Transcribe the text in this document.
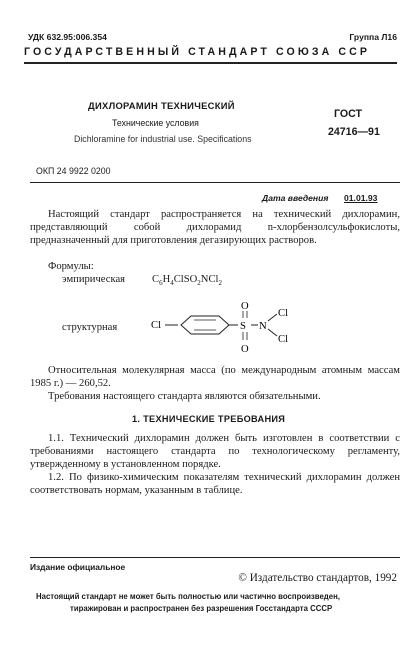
УДК 632.95:006.354	Группа Л16
ГОСУДАРСТВЕННЫЙ СТАНДАРТ СОЮЗА ССР
ДИХЛОРАМИН ТЕХНИЧЕСКИЙ
Технические условия
Dichloramine for industrial use. Specifications
ГОСТ
24716—91
ОКП 24 9922 0200
Дата введения 01.01.93
Настоящий стандарт распространяется на технический дихлорамин, представляющий собой дихлорамид n-хлорбензолсульфокислоты, предназначенный для приготовления дегазирующих растворов.
Формулы:
эмпирическая	$C_6H_4ClSO_2NCl_2$
структурная	Cl
O
S
O
N
Cl
Cl
Относительная молекулярная масса (по международным атомным массам 1985 г.) — 260,52.
Требования настоящего стандарта являются обязательными.
1. ТЕХНИЧЕСКИЕ ТРЕБОВАНИЯ
1.1. Технический дихлорамин должен быть изготовлен в соответствии с требованиями настоящего стандарта по технологическому регламенту, утвержденному в установленном порядке.
1.2. По физико-химическим показателям технический дихлорамин должен соответствовать нормам, указанным в таблице.
Издание официальное
© Издательство стандартов, 1992
Настоящий стандарт не может быть полностью или частично воспроизведен,
тиражирован и распространен без разрешения Госстандарта СССР
